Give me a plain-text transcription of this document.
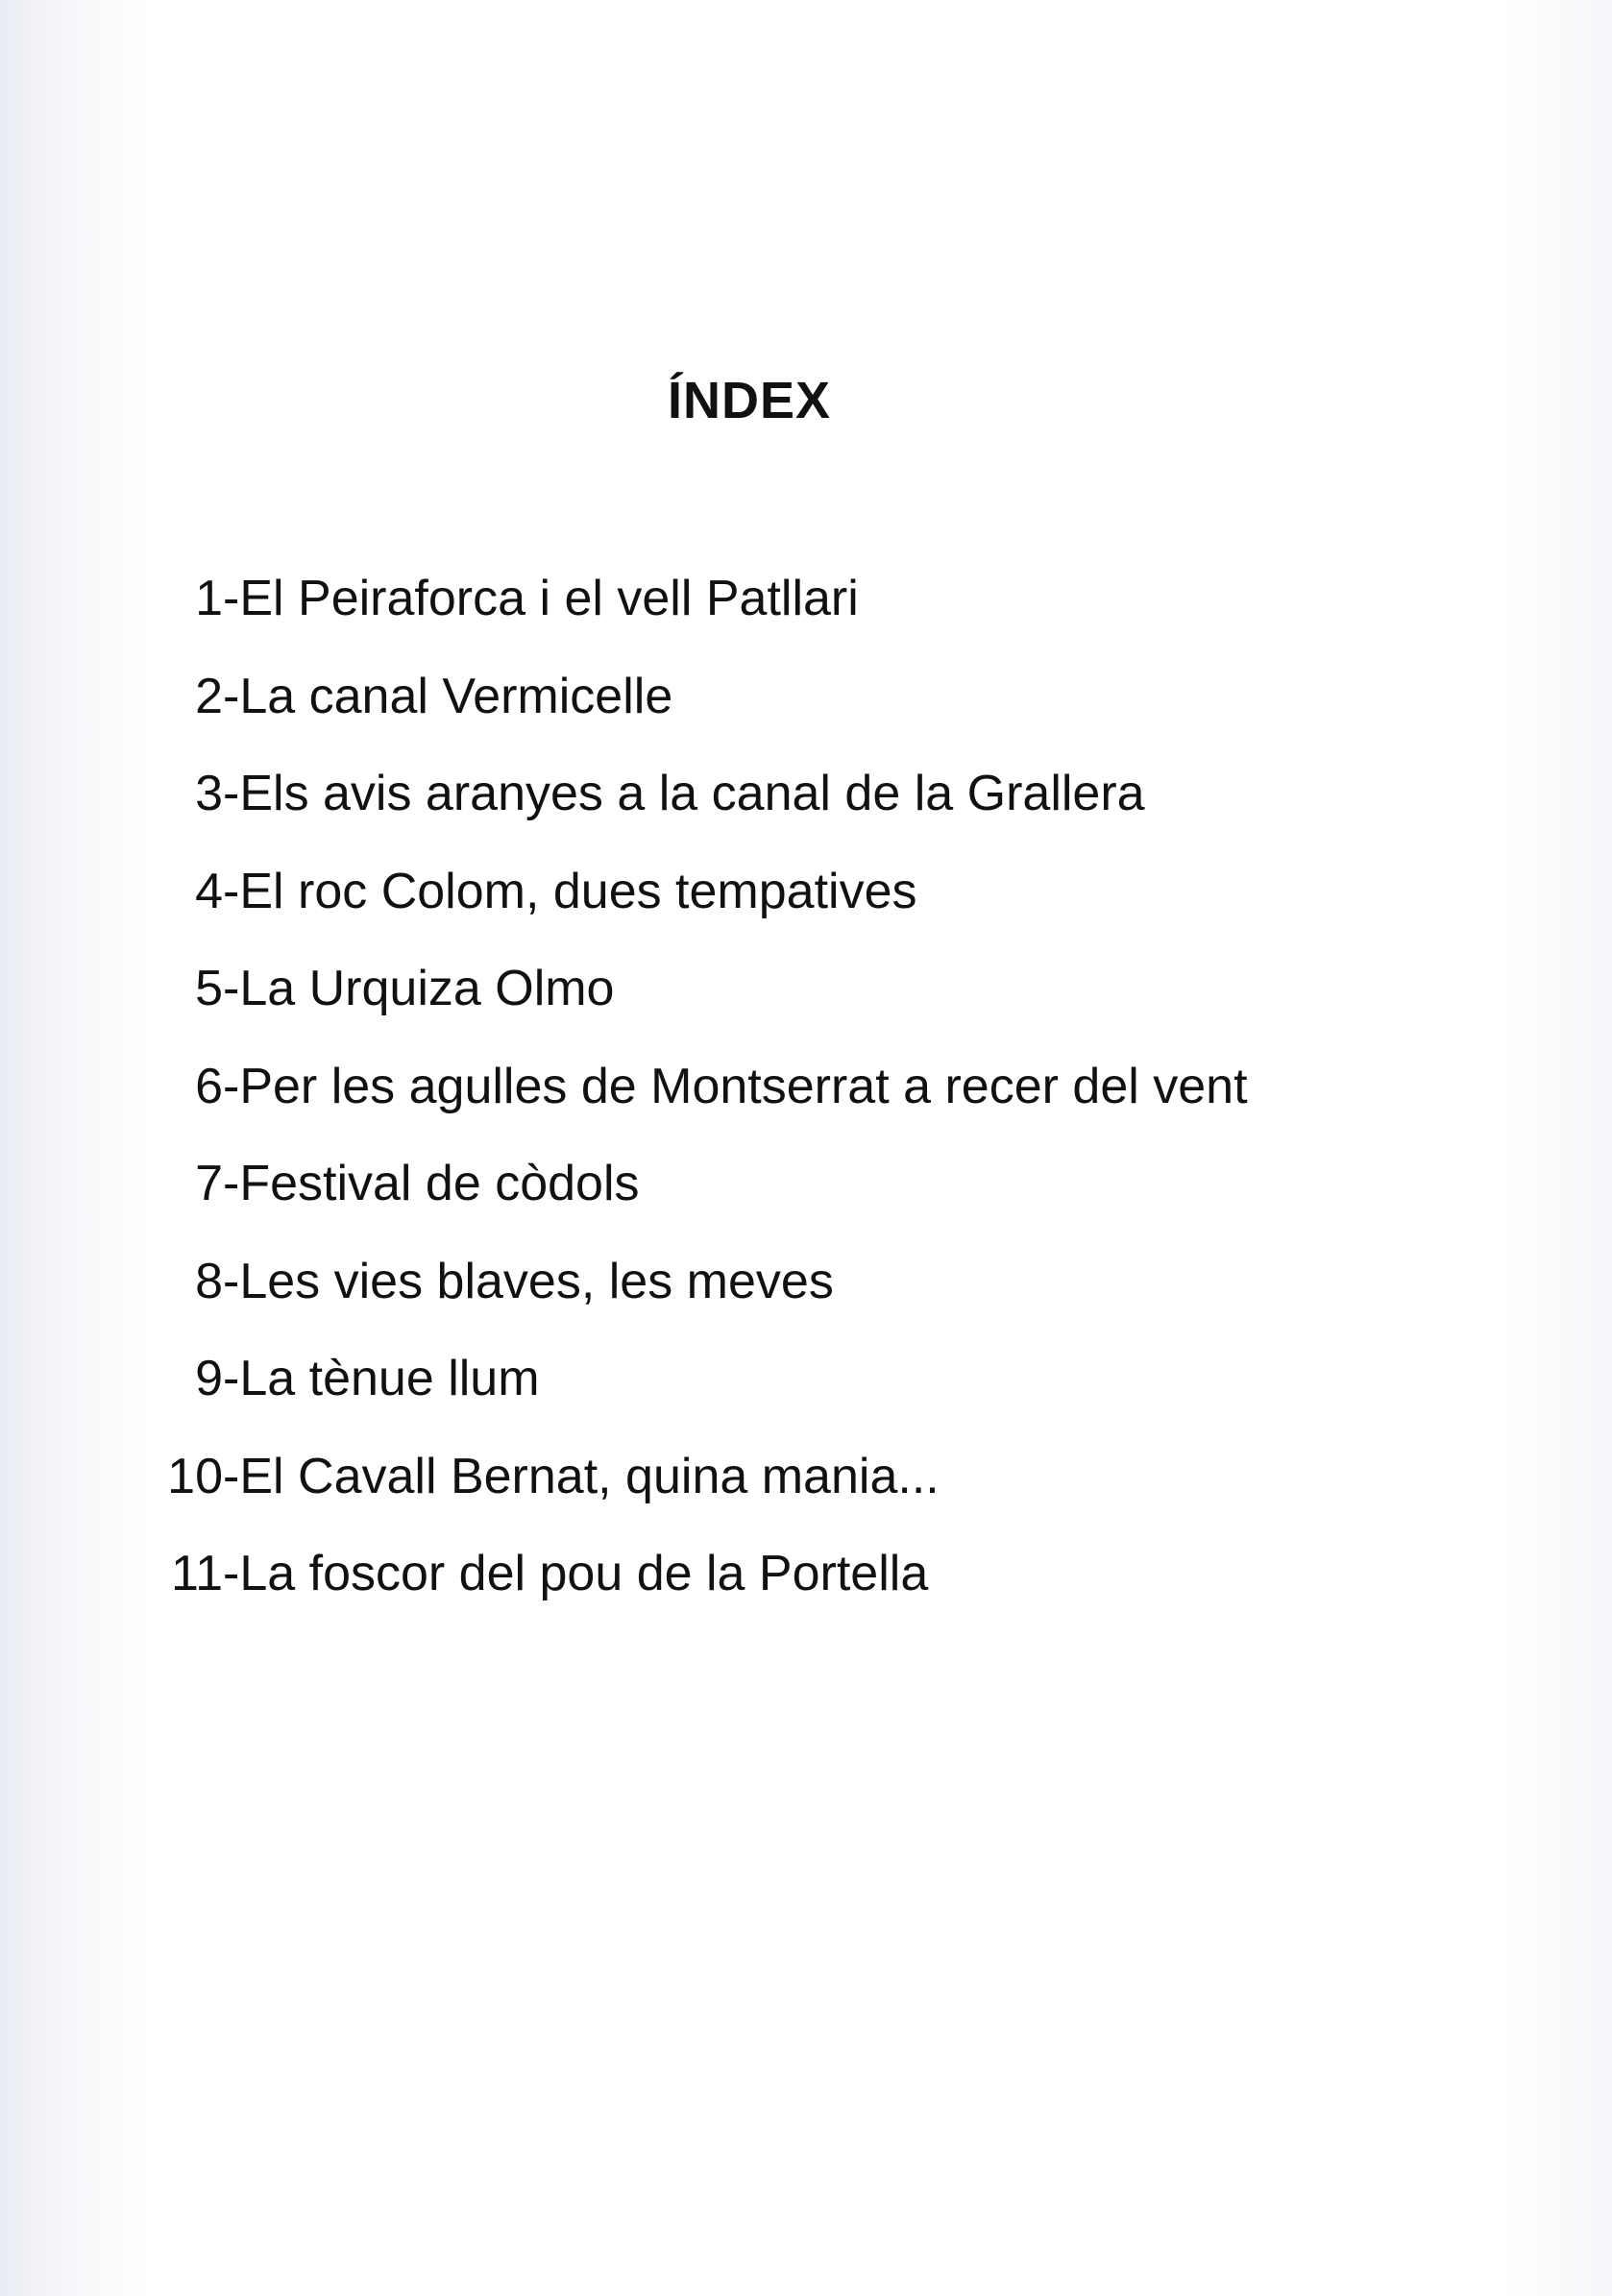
ÍNDEX
1 - El Peiraforca i el vell Patllari
2 - La canal Vermicelle
3 - Els avis aranyes a la canal de la Grallera
4 - El roc Colom, dues tempatives
5 - La Urquiza Olmo
6 - Per les agulles de Montserrat a recer del vent
7 - Festival de còdols
8 - Les vies blaves, les meves
9 - La tènue llum
10 - El Cavall Bernat, quina mania...
11 - La foscor del pou de la Portella
